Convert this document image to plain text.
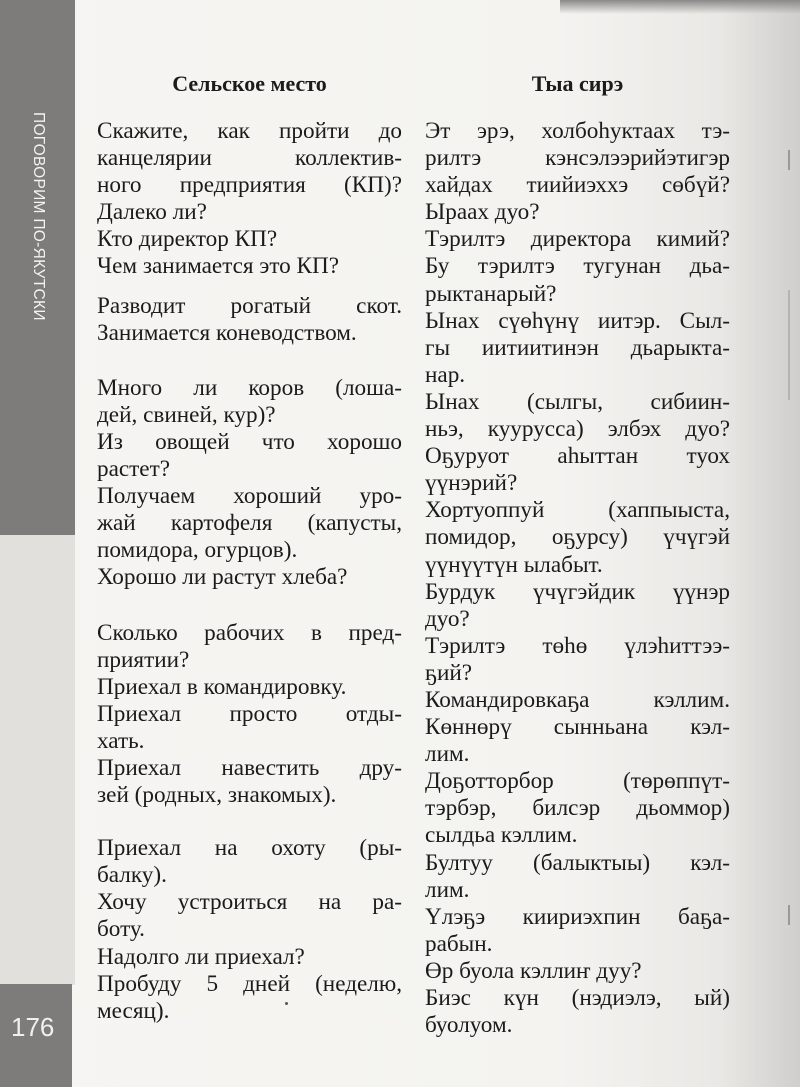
ПОГОВОРИМ ПО-ЯКУТСКИ
176
Сельское место
Скажите, как пройти до
канцелярии коллектив-
ного предприятия (КП)?
Далеко ли?
Кто директор КП?
Чем занимается это КП?
Разводит рогатый скот.
Занимается коневодством.
Много ли коров (лоша-
дей, свиней, кур)?
Из овощей что хорошо
растет?
Получаем хороший уро-
жай картофеля (капусты,
помидора, огурцов).
Хорошо ли растут хлеба?
Сколько рабочих в пред-
приятии?
Приехал в командировку.
Приехал просто отды-
хать.
Приехал навестить дру-
зей (родных, знакомых).
Приехал на охоту (ры-
балку).
Хочу устроиться на ра-
боту.
Надолго ли приехал?
Пробуду 5 дней (неделю,
месяц).
Тыа сирэ
Эт эрэ, холбоһуктаах тэ-
рилтэ кэнсэлээрийэтигэр
хайдах тиийиэххэ сөбүй?
Ыраах дуо?
Тэрилтэ директора кимий?
Бу тэрилтэ тугунан дьа-
рыктанарый?
Ынах сүөһүнү иитэр. Сыл-
гы иитиитинэн дьарыкта-
нар.
Ынах (сылгы, сибиин-
ньэ, куурусса) элбэх дуо?
Оҕуруот аһыттан туох
үүнэрий?
Хортуоппуй (хаппыыста,
помидор, оҕурсу) үчүгэй
үүнүүтүн ылабыт.
Бурдук үчүгэйдик үүнэр
дуо?
Тэрилтэ төһө үлэһиттээ-
ҕий?
Командировкаҕа кэллим.
Көннөрү сынньана кэл-
лим.
Доҕотторбор (төрөппүт-
тэрбэр, билсэр дьоммор)
сылдьа кэллим.
Бултуу (балыктыы) кэл-
лим.
Үлэҕэ киириэхпин баҕа-
рабын.
Өр буола кэллиҥ дуу?
Биэс күн (нэдиэлэ, ый)
буолуом.
